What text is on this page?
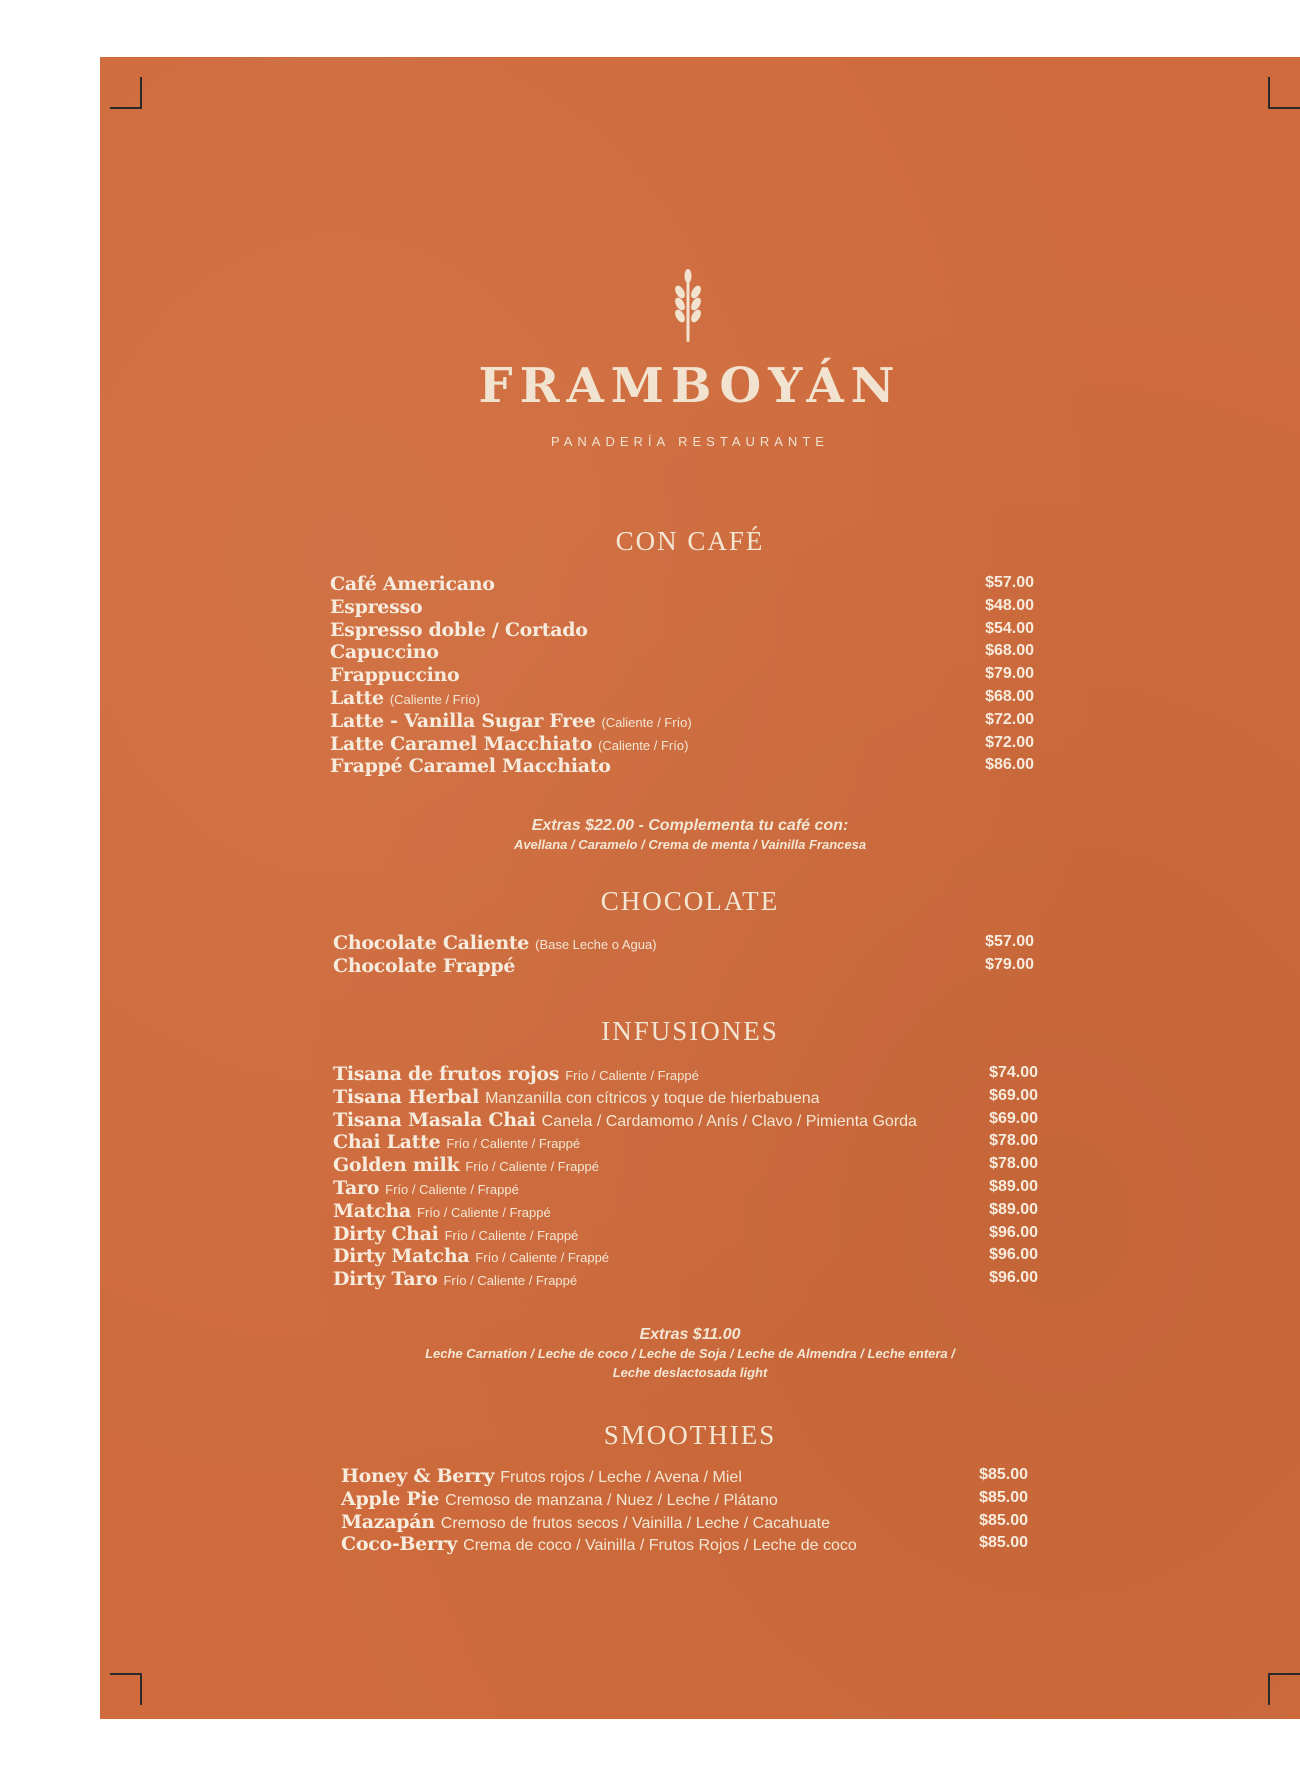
FRAMBOYÁN
PANADERÍA RESTAURANTE
CON CAFÉ
Café Americano	$57.00
Espresso	$48.00
Espresso doble / Cortado	$54.00
Capuccino	$68.00
Frappuccino	$79.00
Latte (Caliente / Frío)	$68.00
Latte - Vanilla Sugar Free (Caliente / Frío)	$72.00
Latte Caramel Macchiato (Caliente / Frío)	$72.00
Frappé Caramel Macchiato	$86.00
Extras $22.00 - Complementa tu café con:
Avellana / Caramelo / Crema de menta / Vainilla Francesa
CHOCOLATE
Chocolate Caliente (Base Leche o Agua)	$57.00
Chocolate Frappé	$79.00
INFUSIONES
Tisana de frutos rojos Frío / Caliente / Frappé	$74.00
Tisana Herbal Manzanilla con cítricos y toque de hierbabuena	$69.00
Tisana Masala Chai Canela / Cardamomo / Anís / Clavo / Pimienta Gorda	$69.00
Chai Latte Frío / Caliente / Frappé	$78.00
Golden milk Frío / Caliente / Frappé	$78.00
Taro Frío / Caliente / Frappé	$89.00
Matcha Frío / Caliente / Frappé	$89.00
Dirty Chai Frío / Caliente / Frappé	$96.00
Dirty Matcha Frío / Caliente / Frappé	$96.00
Dirty Taro Frío / Caliente / Frappé	$96.00
Extras $11.00
Leche Carnation / Leche de coco / Leche de Soja / Leche de Almendra / Leche entera /
Leche deslactosada light
SMOOTHIES
Honey & Berry Frutos rojos / Leche / Avena / Miel	$85.00
Apple Pie Cremoso de manzana / Nuez / Leche / Plátano	$85.00
Mazapán Cremoso de frutos secos / Vainilla / Leche / Cacahuate	$85.00
Coco-Berry Crema de coco / Vainilla / Frutos Rojos / Leche de coco	$85.00
